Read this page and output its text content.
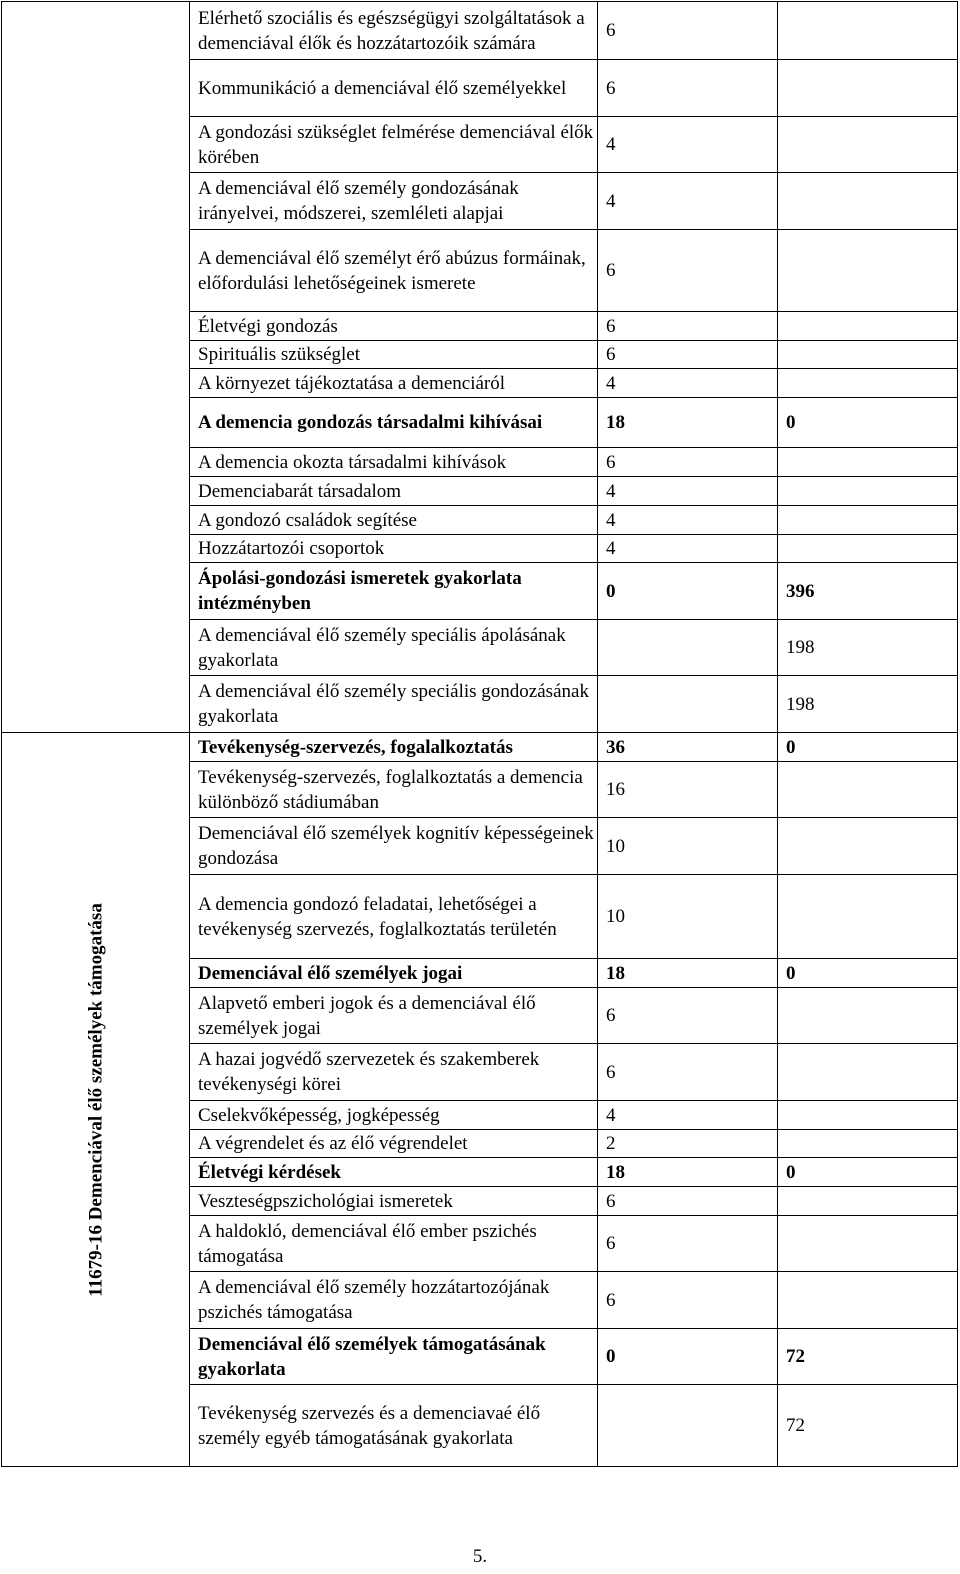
	Elérhető szociális és egészségügyi szolgáltatások a demenciával élők és hozzátartozóik számára	6	
	Kommunikáció a demenciával élő személyekkel	6	
	A gondozási szükséglet felmérése demenciával élők körében	4	
	A demenciával élő személy gondozásának irányelvei, módszerei, szemléleti alapjai	4	
	A demenciával élő személyt érő abúzus formáinak, előfordulási lehetőségeinek ismerete	6	
	Életvégi gondozás	6	
	Spirituális szükséglet	6	
	A környezet tájékoztatása a demenciáról	4	
	A demencia gondozás társadalmi kihívásai	18	0
	A demencia okozta társadalmi kihívások	6	
	Demenciabarát társadalom	4	
	A gondozó családok segítése	4	
	Hozzátartozói csoportok	4	
	Ápolási-gondozási ismeretek gyakorlata intézményben	0	396
	A demenciával élő személy speciális ápolásának gyakorlata		198
	A demenciával élő személy speciális gondozásának gyakorlata		198

11679-16 Demenciával élő személyek támogatása	Tevékenység-szervezés, fogalalkoztatás	36	0
	Tevékenység-szervezés, foglalkoztatás a demencia különböző stádiumában	16	
	Demenciával élő személyek kognitív képességeinek gondozása	10	
	A demencia gondozó feladatai, lehetőségei a tevékenység szervezés, foglalkoztatás területén	10	
	Demenciával élő személyek jogai	18	0
	Alapvető emberi jogok és a demenciával élő személyek jogai	6	
	A hazai jogvédő szervezetek és szakemberek tevékenységi körei	6	
	Cselekvőképesség, jogképesség	4	
	A végrendelet és az élő végrendelet	2	
	Életvégi kérdések	18	0
	Veszteségpszichológiai ismeretek	6	
	A haldokló, demenciával élő ember pszichés támogatása	6	
	A demenciával élő személy hozzátartozójának pszichés támogatása	6	
	Demenciával élő személyek támogatásának gyakorlata	0	72
	Tevékenység szervezés és a demenciavaé élő személy egyéb támogatásának gyakorlata		72
5.
